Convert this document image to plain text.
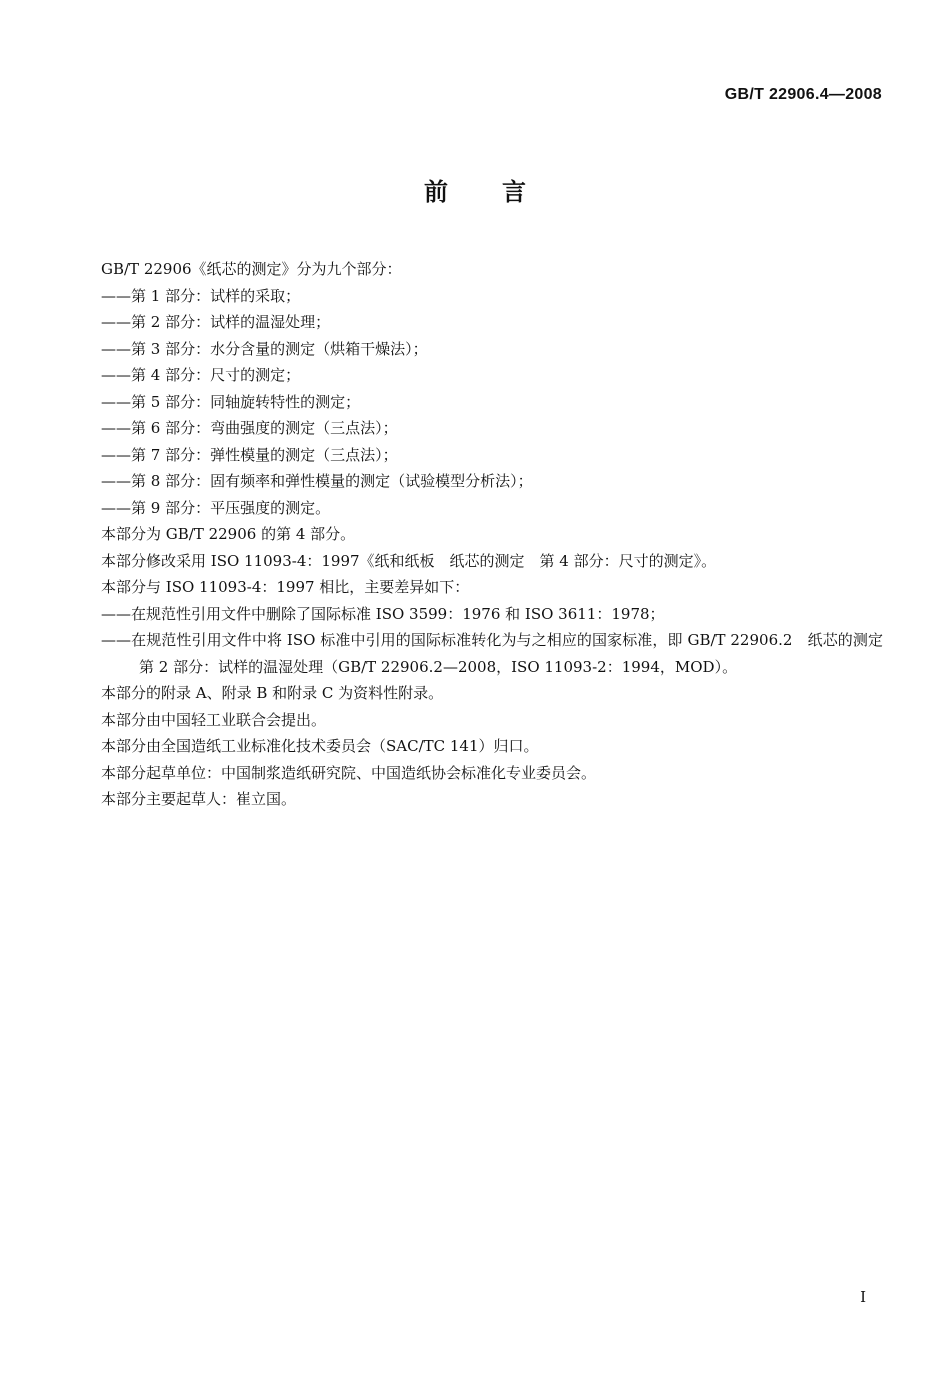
GB/T 22906.4—2008
前言
GB/T 22906《纸芯的测定》分为九个部分：
——第 1 部分：试样的采取；
——第 2 部分：试样的温湿处理；
——第 3 部分：水分含量的测定（烘箱干燥法）；
——第 4 部分：尺寸的测定；
——第 5 部分：同轴旋转特性的测定；
——第 6 部分：弯曲强度的测定（三点法）；
——第 7 部分：弹性模量的测定（三点法）；
——第 8 部分：固有频率和弹性模量的测定（试验模型分析法）；
——第 9 部分：平压强度的测定。
本部分为 GB/T 22906 的第 4 部分。
本部分修改采用 ISO 11093-4：1997《纸和纸板　纸芯的测定　第 4 部分：尺寸的测定》。
本部分与 ISO 11093-4：1997 相比，主要差异如下：
——在规范性引用文件中删除了国际标准 ISO 3599：1976 和 ISO 3611：1978；
——在规范性引用文件中将 ISO 标准中引用的国际标准转化为与之相应的国家标准，即 GB/T 22906.2　纸芯的测定　第 2 部分：试样的温湿处理（GB/T 22906.2—2008，ISO 11093-2：1994，MOD）。
本部分的附录 A、附录 B 和附录 C 为资料性附录。
本部分由中国轻工业联合会提出。
本部分由全国造纸工业标准化技术委员会（SAC/TC 141）归口。
本部分起草单位：中国制浆造纸研究院、中国造纸协会标准化专业委员会。
本部分主要起草人：崔立国。
I
